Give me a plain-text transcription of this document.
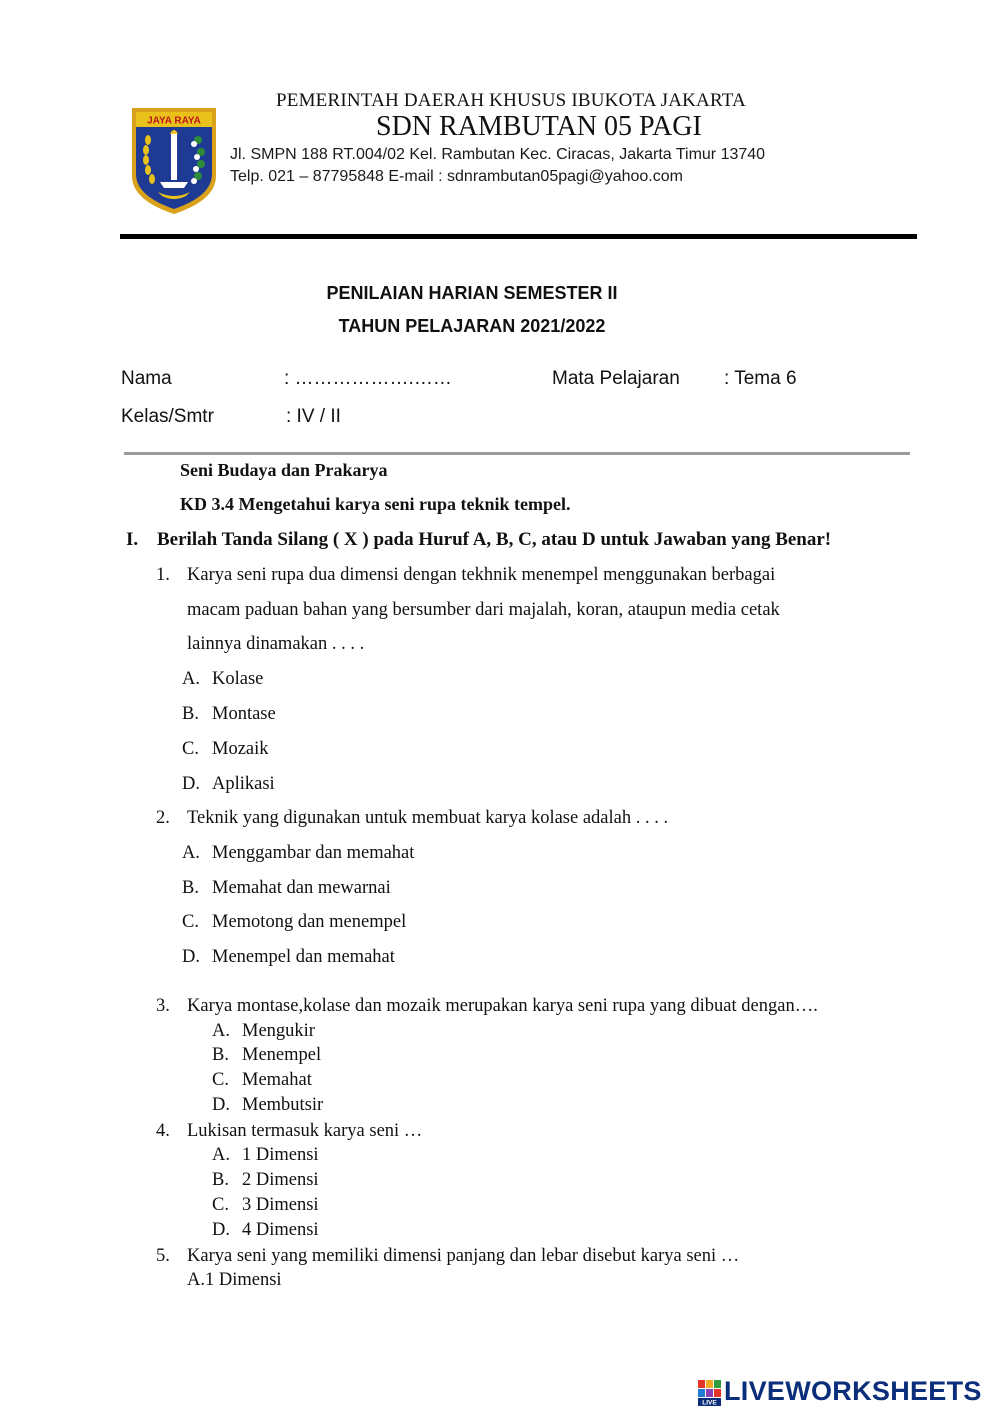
JAYA RAYA
PEMERINTAH DAERAH KHUSUS IBUKOTA JAKARTA
SDN RAMBUTAN 05 PAGI
Jl. SMPN 188 RT.004/02 Kel. Rambutan Kec. Ciracas, Jakarta Timur 13740
Telp. 021 – 87795848 E-mail : sdnrambutan05pagi@yahoo.com
PENILAIAN HARIAN SEMESTER II
TAHUN PELAJARAN 2021/2022
Nama	: ……………….……	Mata Pelajaran : Tema 6
Kelas/Smtr	: IV / II
Seni Budaya dan Prakarya
KD 3.4 Mengetahui karya seni rupa teknik tempel.
I. Berilah Tanda Silang ( X ) pada Huruf A, B, C, atau D untuk Jawaban yang Benar!
1. Karya seni rupa dua dimensi dengan tekhnik menempel menggunakan berbagai
macam paduan bahan yang bersumber dari majalah, koran, ataupun media cetak
lainnya dinamakan . . . .
A. Kolase
B. Montase
C. Mozaik
D. Aplikasi
2. Teknik yang digunakan untuk membuat karya kolase adalah . . . .
A. Menggambar dan memahat
B. Memahat dan mewarnai
C. Memotong dan menempel
D. Menempel dan memahat
3. Karya montase,kolase dan mozaik merupakan karya seni rupa yang dibuat dengan….
A. Mengukir
B. Menempel
C. Memahat
D. Membutsir
4. Lukisan termasuk karya seni …
A. 1 Dimensi
B. 2 Dimensi
C. 3 Dimensi
D. 4 Dimensi
5. Karya seni yang memiliki dimensi panjang dan lebar disebut karya seni …
A. 1 Dimensi
LIVE LIVEWORKSHEETS
